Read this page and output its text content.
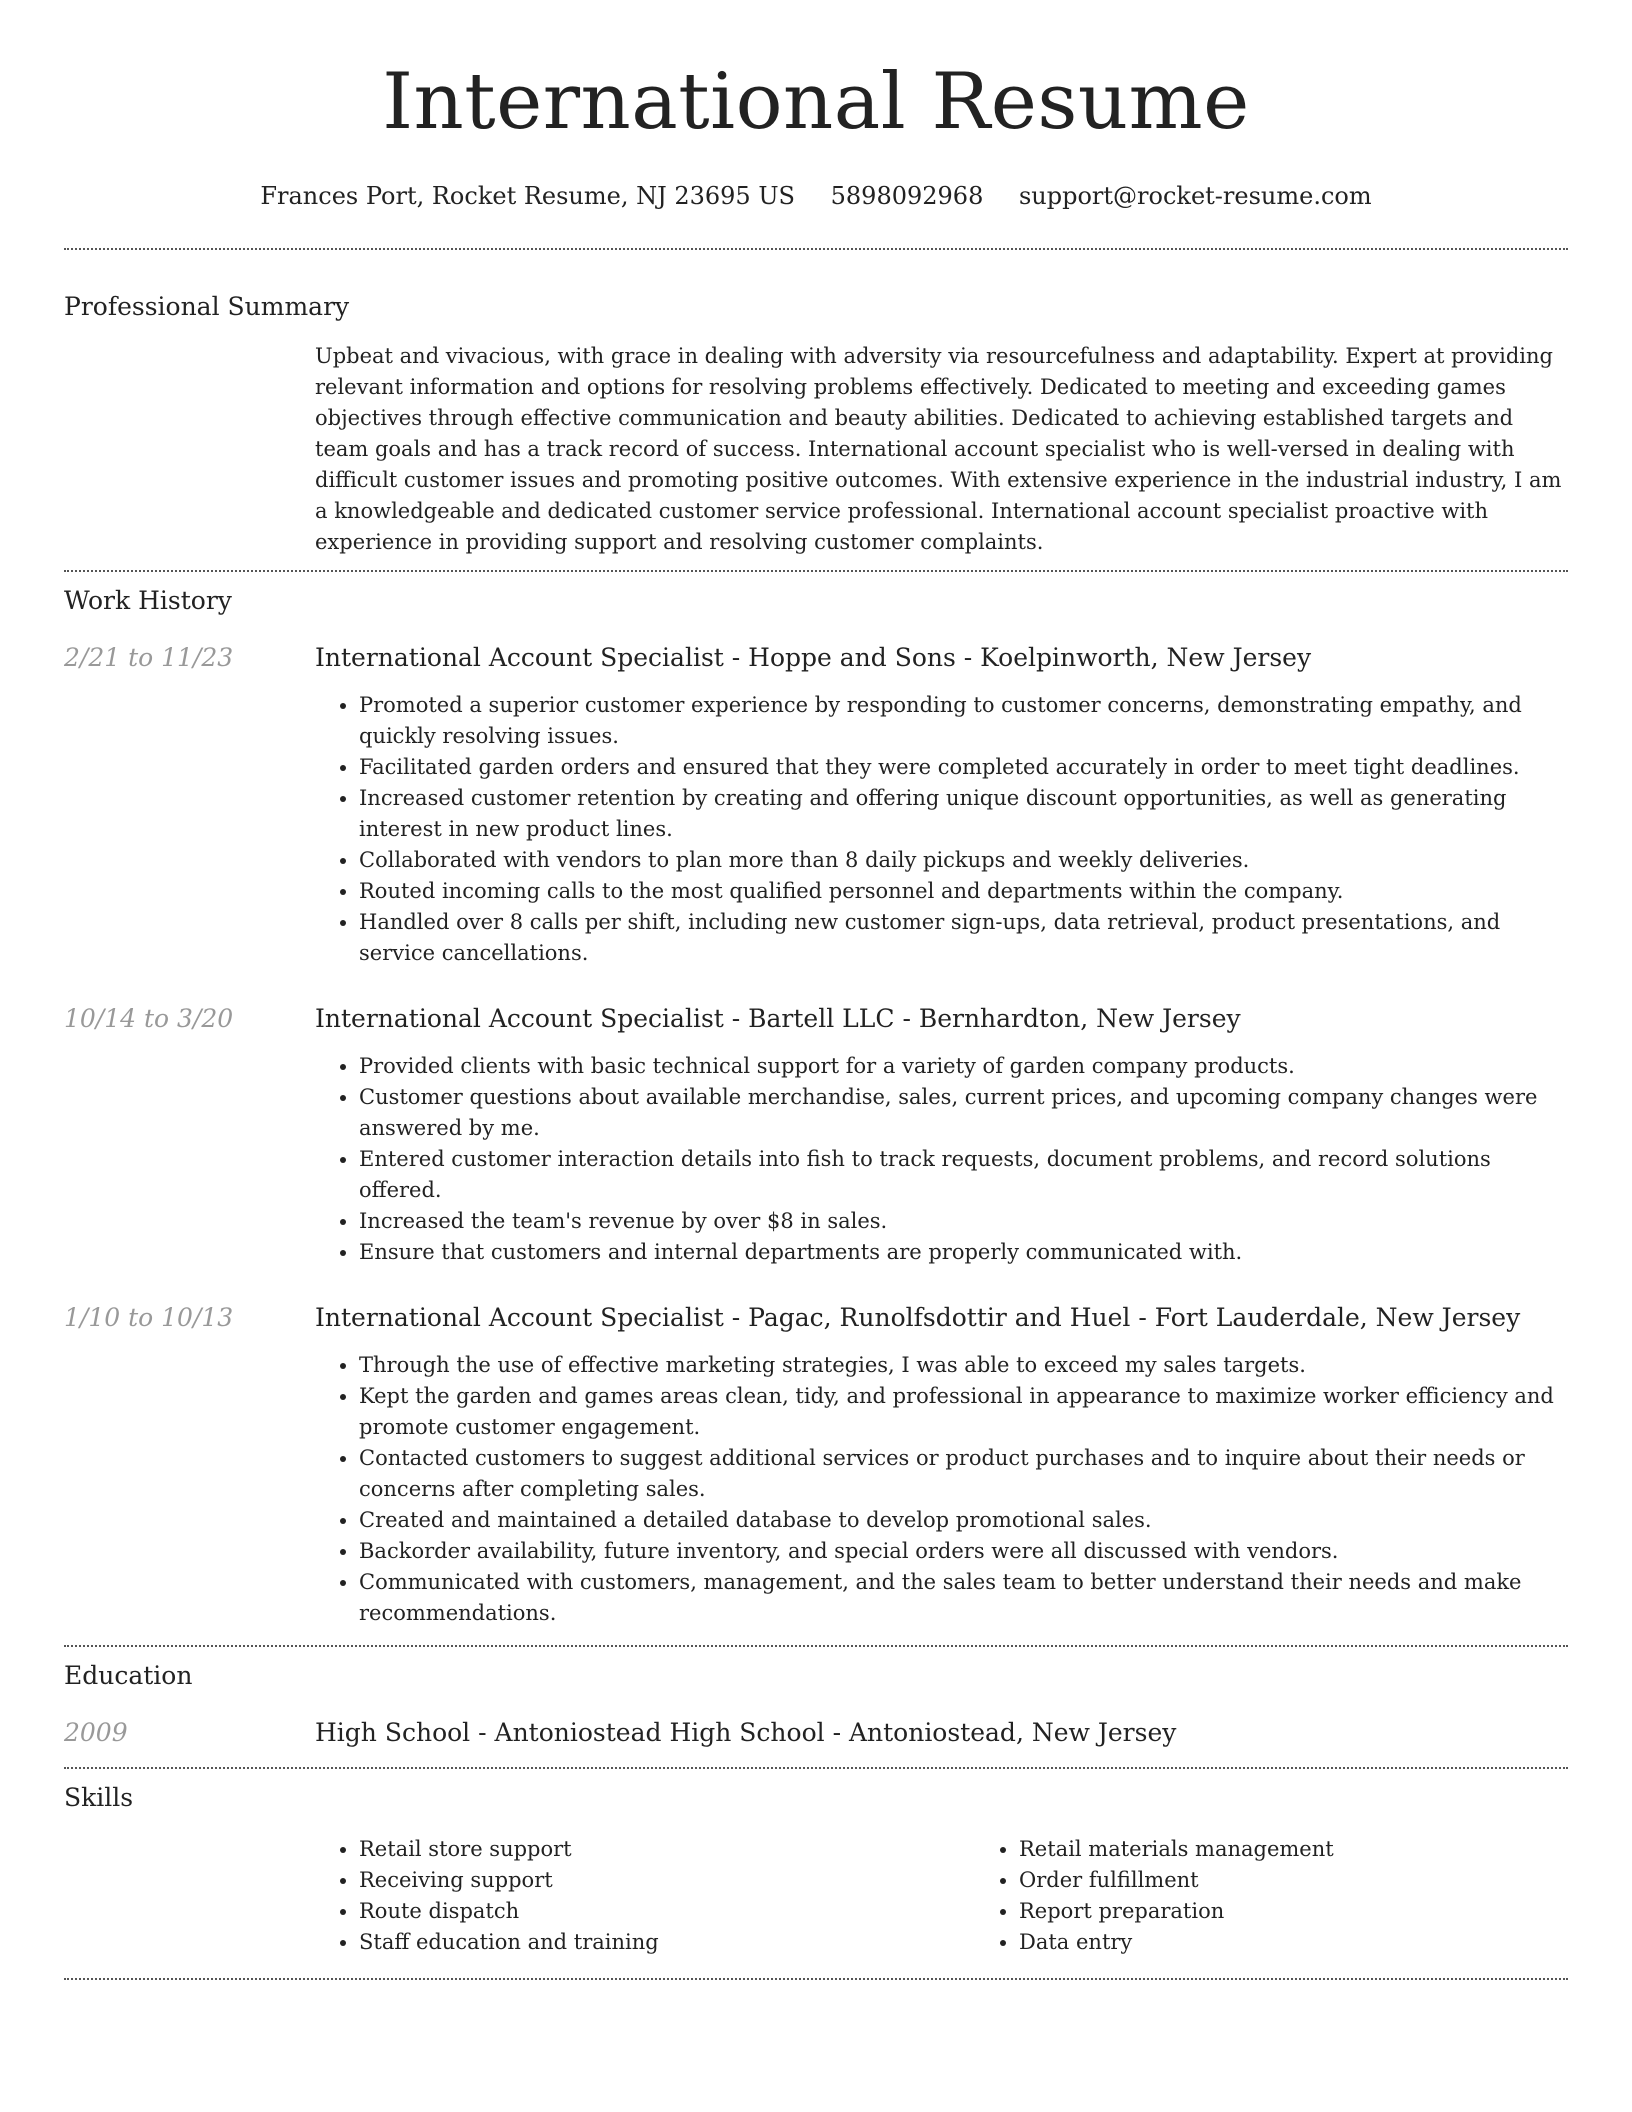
International Resume
Frances Port, Rocket Resume, NJ 23695 US 5898092968 support@rocket-resume.com
Professional Summary

Upbeat and vivacious, with grace in dealing with adversity via resourcefulness and adaptability. Expert at providing relevant information and options for resolving problems effectively. Dedicated to meeting and exceeding games objectives through effective communication and beauty abilities. Dedicated to achieving established targets and team goals and has a track record of success. International account specialist who is well-versed in dealing with difficult customer issues and promoting positive outcomes. With extensive experience in the industrial industry, I am a knowledgeable and dedicated customer service professional. International account specialist proactive with experience in providing support and resolving customer complaints.

Work History
2/21 to 11/23	International Account Specialist - Hoppe and Sons - Koelpinworth, New Jersey
• Promoted a superior customer experience by responding to customer concerns, demonstrating empathy, and quickly resolving issues.
• Facilitated garden orders and ensured that they were completed accurately in order to meet tight deadlines.
• Increased customer retention by creating and offering unique discount opportunities, as well as generating interest in new product lines.
• Collaborated with vendors to plan more than 8 daily pickups and weekly deliveries.
• Routed incoming calls to the most qualified personnel and departments within the company.
• Handled over 8 calls per shift, including new customer sign-ups, data retrieval, product presentations, and service cancellations.
10/14 to 3/20	International Account Specialist - Bartell LLC - Bernhardton, New Jersey
• Provided clients with basic technical support for a variety of garden company products.
• Customer questions about available merchandise, sales, current prices, and upcoming company changes were answered by me.
• Entered customer interaction details into fish to track requests, document problems, and record solutions offered.
• Increased the team's revenue by over $8 in sales.
• Ensure that customers and internal departments are properly communicated with.
1/10 to 10/13	International Account Specialist - Pagac, Runolfsdottir and Huel - Fort Lauderdale, New Jersey
• Through the use of effective marketing strategies, I was able to exceed my sales targets.
• Kept the garden and games areas clean, tidy, and professional in appearance to maximize worker efficiency and promote customer engagement.
• Contacted customers to suggest additional services or product purchases and to inquire about their needs or concerns after completing sales.
• Created and maintained a detailed database to develop promotional sales.
• Backorder availability, future inventory, and special orders were all discussed with vendors.
• Communicated with customers, management, and the sales team to better understand their needs and make recommendations.
Education
2009	High School - Antoniostead High School - Antoniostead, New Jersey
Skills
• Retail store support
• Receiving support
• Route dispatch
• Staff education and training
• Retail materials management
• Order fulfillment
• Report preparation
• Data entry
